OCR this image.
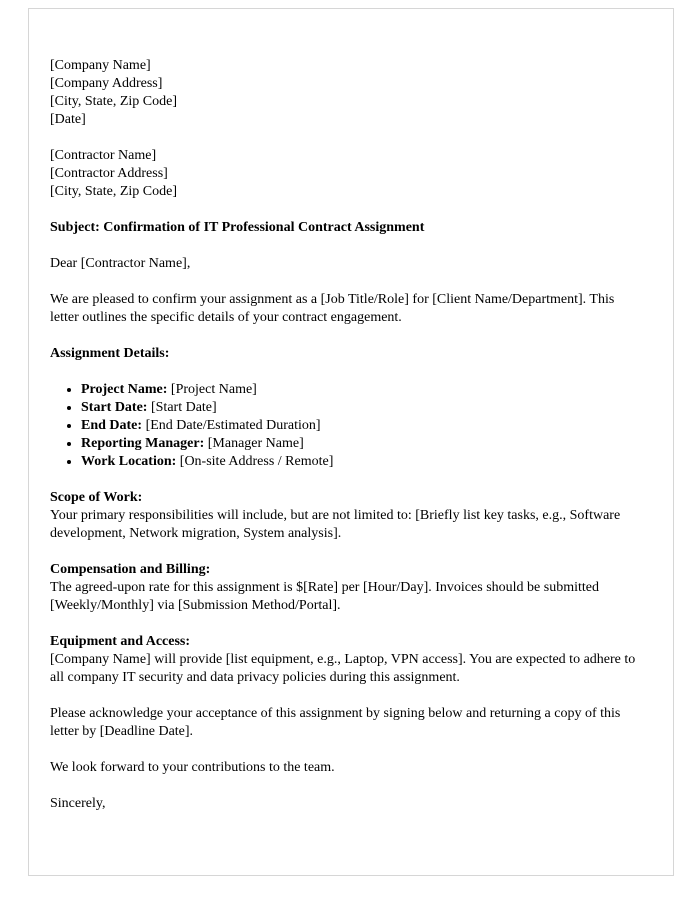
[Company Name]
[Company Address]
[City, State, Zip Code]
[Date]
[Contractor Name]
[Contractor Address]
[City, State, Zip Code]

Subject: Confirmation of IT Professional Contract Assignment

Dear [Contractor Name],

We are pleased to confirm your assignment as a [Job Title/Role] for [Client Name/Department]. This letter outlines the specific details of your contract engagement.

Assignment Details:

• Project Name: [Project Name]
• Start Date: [Start Date]
• End Date: [End Date/Estimated Duration]
• Reporting Manager: [Manager Name]
• Work Location: [On-site Address / Remote]

Scope of Work:
Your primary responsibilities will include, but are not limited to: [Briefly list key tasks, e.g., Software development, Network migration, System analysis].

Compensation and Billing:
The agreed-upon rate for this assignment is $[Rate] per [Hour/Day]. Invoices should be submitted [Weekly/Monthly] via [Submission Method/Portal].

Equipment and Access:
[Company Name] will provide [list equipment, e.g., Laptop, VPN access]. You are expected to adhere to all company IT security and data privacy policies during this assignment.

Please acknowledge your acceptance of this assignment by signing below and returning a copy of this letter by [Deadline Date].

We look forward to your contributions to the team.

Sincerely,
